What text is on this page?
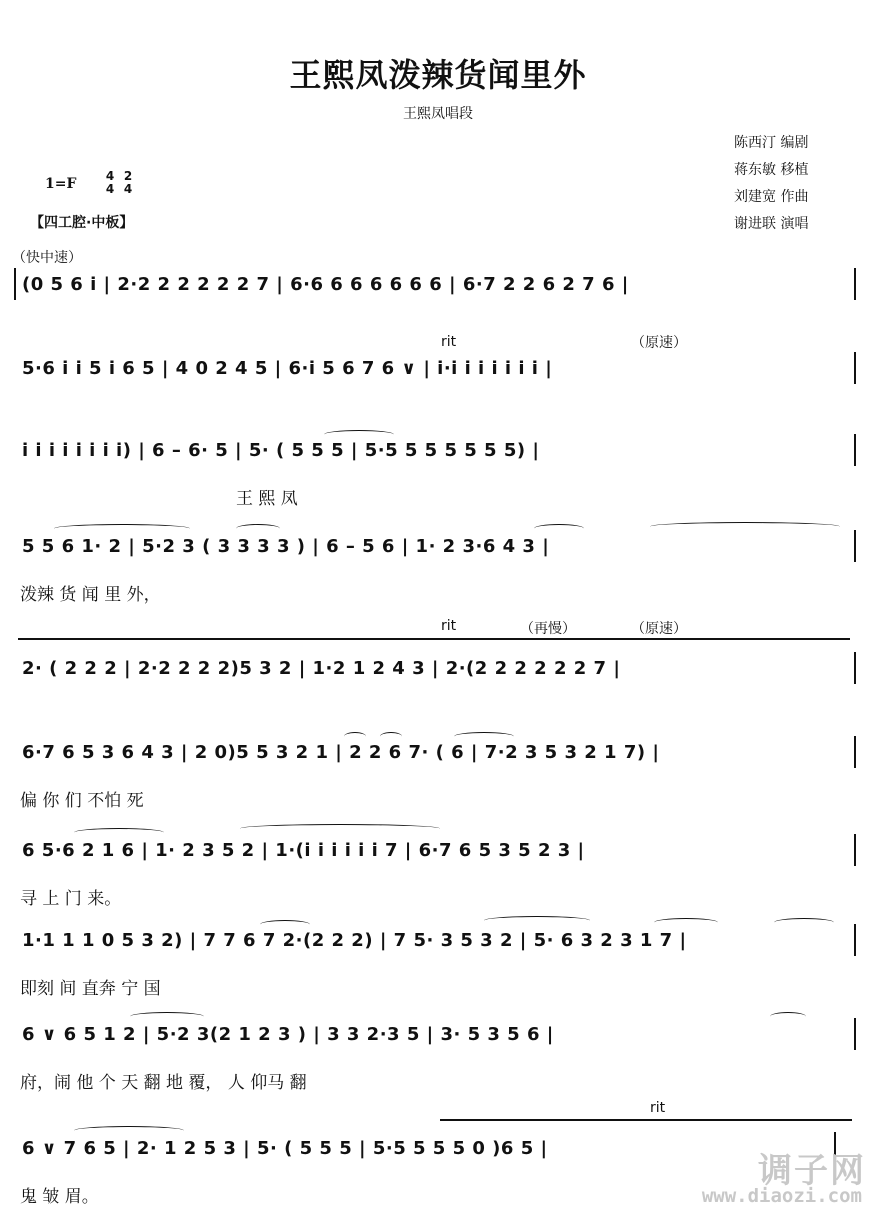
王熙凤泼辣货闻里外
王熙凤唱段
陈西汀 编剧
蒋东敏 移植
刘建宽 作曲
谢进联 演唱
1=F 4
4
2
4
【四工腔·中板】
（快中速）
(0 5 6 i | 2·2 2 2 2 2 2 7 | 6·6 6 6 6 6 6 6 | 6·7 2 2 6 2 7 6 |
rit	（原速）
5·6 i i 5 i 6 5 | 4 0 2 4 5 | 6·i 5 6 7 6 ∨ | i·i i i i i i i |
i i i i i i i i) | 6 – 6· 5 | 5· ( 5 5 5 | 5·5 5 5 5 5 5 5) |
王 熙 凤
5 5 6 1· 2 | 5·2 3 ( 3 3 3 3 ) | 6 – 5 6 | 1· 2 3·6 4 3 |
泼辣 货 闻 里 外，
rit	（再慢）	（原速）
2· ( 2 2 2 | 2·2 2 2 2)5 3 2 | 1·2 1 2 4 3 | 2·(2 2 2 2 2 2 7 |
6·7 6 5 3 6 4 3 | 2 0)5 5 3 2 1 | 2 2 6 7· ( 6 | 7·2 3 5 3 2 1 7) |
偏 你 们 不怕 死
6 5·6 2 1 6 | 1· 2 3 5 2 | 1·(i i i i i i 7 | 6·7 6 5 3 5 2 3 |
寻 上 门 来。
1·1 1 1 0 5 3 2) | 7 7 6 7 2·(2 2 2) | 7 5· 3 5 3 2 | 5· 6 3 2 3 1 7 |
即刻 间 直奔 宁 国
6 ∨ 6 5 1 2 | 5·2 3(2 1 2 3 ) | 3 3 2·3 5 | 3· 5 3 5 6 |
府，闹 他 个 天 翻 地 覆， 人 仰马 翻
rit
6 ∨ 7 6 5 | 2· 1 2 5 3 | 5· ( 5 5 5 | 5·5 5 5 5 0 )6 5 |
鬼 皱 眉。
调子网
www.diaozi.com
